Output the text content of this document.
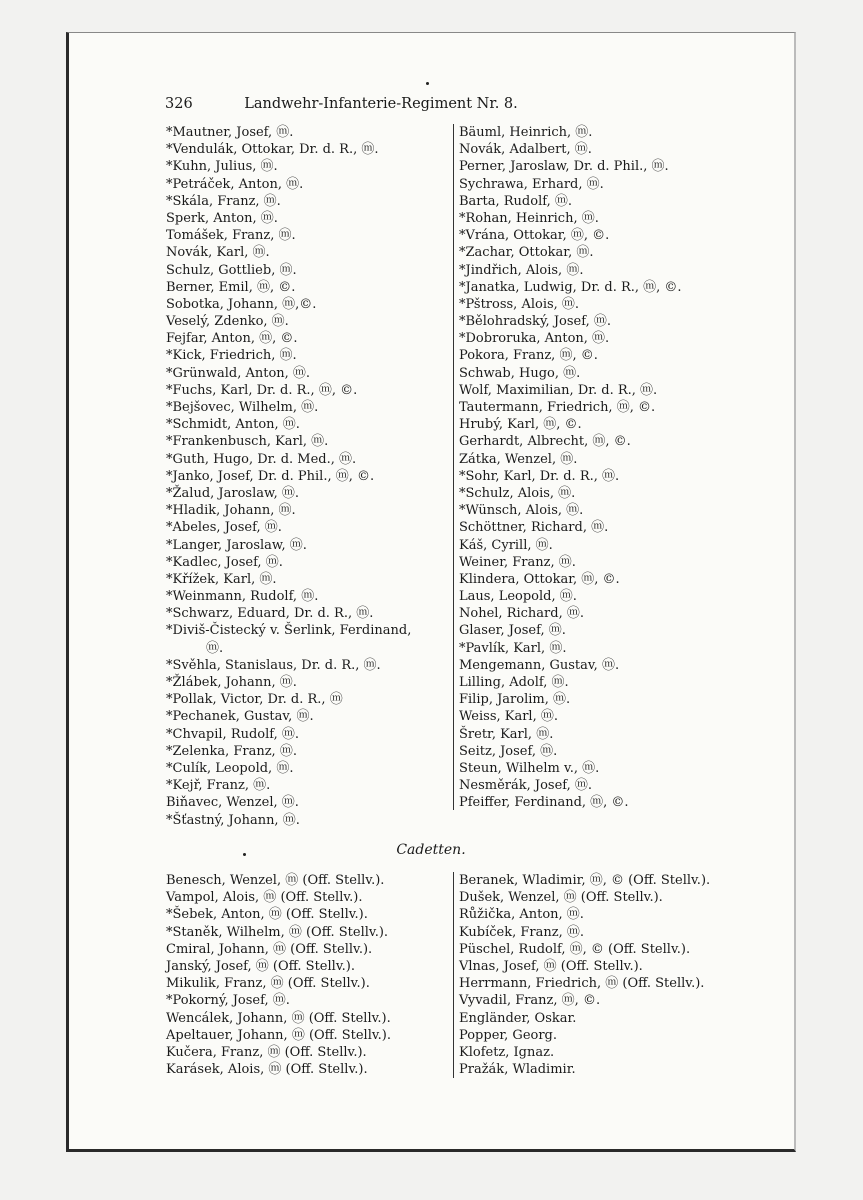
326	Landwehr-Infanterie-Regiment Nr. 8.
*Mautner, Josef, ⓜ.
*Vendulák, Ottokar, Dr. d. R., ⓜ.
*Kuhn, Julius, ⓜ.
*Petráček, Anton, ⓜ.
*Skála, Franz, ⓜ.
Sperk, Anton, ⓜ.
Tomášek, Franz, ⓜ.
Novák, Karl, ⓜ.
Schulz, Gottlieb, ⓜ.
Berner, Emil, ⓜ, ©.
Sobotka, Johann, ⓜ,©.
Veselý, Zdenko, ⓜ.
Fejfar, Anton, ⓜ, ©.
*Kick, Friedrich, ⓜ.
*Grünwald, Anton, ⓜ.
*Fuchs, Karl, Dr. d. R., ⓜ, ©.
*Bejšovec, Wilhelm, ⓜ.
*Schmidt, Anton, ⓜ.
*Frankenbusch, Karl, ⓜ.
*Guth, Hugo, Dr. d. Med., ⓜ.
*Janko, Josef, Dr. d. Phil., ⓜ, ©.
*Žalud, Jaroslaw, ⓜ.
*Hladik, Johann, ⓜ.
*Abeles, Josef, ⓜ.
*Langer, Jaroslaw, ⓜ.
*Kadlec, Josef, ⓜ.
*Křížek, Karl, ⓜ.
*Weinmann, Rudolf, ⓜ.
*Schwarz, Eduard, Dr. d. R., ⓜ.
*Diviš-Čistecký v. Šerlink, Ferdinand,
ⓜ.
*Svěhla, Stanislaus, Dr. d. R., ⓜ.
*Žlábek, Johann, ⓜ.
*Pollak, Victor, Dr. d. R., ⓜ
*Pechanek, Gustav, ⓜ.
*Chvapil, Rudolf, ⓜ.
*Zelenka, Franz, ⓜ.
*Culík, Leopold, ⓜ.
*Kejř, Franz, ⓜ.
Biňavec, Wenzel, ⓜ.
*Šťastný, Johann, ⓜ.
Bäuml, Heinrich, ⓜ.
Novák, Adalbert, ⓜ.
Perner, Jaroslaw, Dr. d. Phil., ⓜ.
Sychrawa, Erhard, ⓜ.
Barta, Rudolf, ⓜ.
*Rohan, Heinrich, ⓜ.
*Vrána, Ottokar, ⓜ, ©.
*Zachar, Ottokar, ⓜ.
*Jindřich, Alois, ⓜ.
*Janatka, Ludwig, Dr. d. R., ⓜ, ©.
*Pštross, Alois, ⓜ.
*Bělohradský, Josef, ⓜ.
*Dobroruka, Anton, ⓜ.
Pokora, Franz, ⓜ, ©.
Schwab, Hugo, ⓜ.
Wolf, Maximilian, Dr. d. R., ⓜ.
Tautermann, Friedrich, ⓜ, ©.
Hrubý, Karl, ⓜ, ©.
Gerhardt, Albrecht, ⓜ, ©.
Zátka, Wenzel, ⓜ.
*Sohr, Karl, Dr. d. R., ⓜ.
*Schulz, Alois, ⓜ.
*Wünsch, Alois, ⓜ.
Schöttner, Richard, ⓜ.
Káš, Cyrill, ⓜ.
Weiner, Franz, ⓜ.
Klindera, Ottokar, ⓜ, ©.
Laus, Leopold, ⓜ.
Nohel, Richard, ⓜ.
Glaser, Josef, ⓜ.
*Pavlík, Karl, ⓜ.
Mengemann, Gustav, ⓜ.
Lilling, Adolf, ⓜ.
Filip, Jarolim, ⓜ.
Weiss, Karl, ⓜ.
Šretr, Karl, ⓜ.
Seitz, Josef, ⓜ.
Steun, Wilhelm v., ⓜ.
Nesměrák, Josef, ⓜ.
Pfeiffer, Ferdinand, ⓜ, ©.
Cadetten.
Benesch, Wenzel, ⓜ (Off. Stellv.).
Vampol, Alois, ⓜ (Off. Stellv.).
*Šebek, Anton, ⓜ (Off. Stellv.).
*Staněk, Wilhelm, ⓜ (Off. Stellv.).
Cmiral, Johann, ⓜ (Off. Stellv.).
Janský, Josef, ⓜ (Off. Stellv.).
Mikulik, Franz, ⓜ (Off. Stellv.).
*Pokorný, Josef, ⓜ.
Wencálek, Johann, ⓜ (Off. Stellv.).
Apeltauer, Johann, ⓜ (Off. Stellv.).
Kučera, Franz, ⓜ (Off. Stellv.).
Karásek, Alois, ⓜ (Off. Stellv.).
Beranek, Wladimir, ⓜ, © (Off. Stellv.).
Dušek, Wenzel, ⓜ (Off. Stellv.).
Růžička, Anton, ⓜ.
Kubíček, Franz, ⓜ.
Püschel, Rudolf, ⓜ, © (Off. Stellv.).
Vlnas, Josef, ⓜ (Off. Stellv.).
Herrmann, Friedrich, ⓜ (Off. Stellv.).
Vyvadil, Franz, ⓜ, ©.
Engländer, Oskar.
Popper, Georg.
Klofetz, Ignaz.
Pražák, Wladimir.
